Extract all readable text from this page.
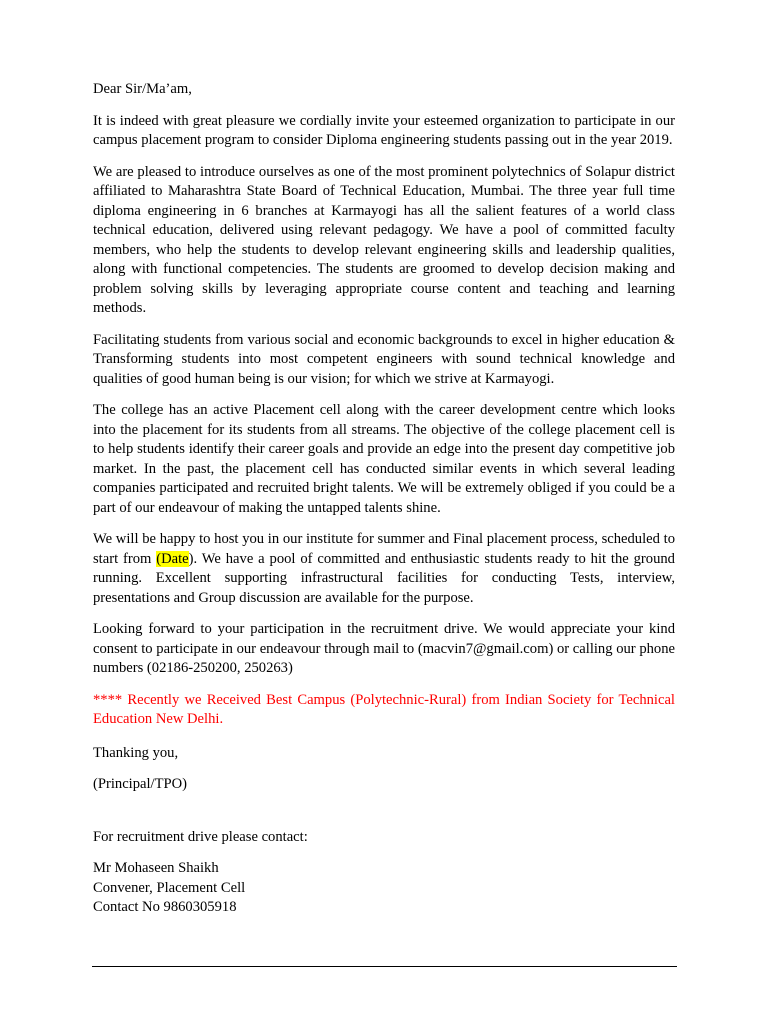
Dear Sir/Ma’am,

It is indeed with great pleasure we cordially invite your esteemed organization to participate in our campus placement program to consider Diploma engineering students passing out in the year 2019.

We are pleased to introduce ourselves as one of the most prominent polytechnics of Solapur district affiliated to Maharashtra State Board of Technical Education, Mumbai. The three year full time diploma engineering in 6 branches at Karmayogi has all the salient features of a world class technical education, delivered using relevant pedagogy. We have a pool of committed faculty members, who help the students to develop relevant engineering skills and leadership qualities, along with functional competencies. The students are groomed to develop decision making and problem solving skills by leveraging appropriate course content and teaching and learning methods.

Facilitating students from various social and economic backgrounds to excel in higher education & Transforming students into most competent engineers with sound technical knowledge and qualities of good human being is our vision; for which we strive at Karmayogi.

The college has an active Placement cell along with the career development centre which looks into the placement for its students from all streams. The objective of the college placement cell is to help students identify their career goals and provide an edge into the present day competitive job market. In the past, the placement cell has conducted similar events in which several leading companies participated and recruited bright talents. We will be extremely obliged if you could be a part of our endeavour of making the untapped talents shine.

We will be happy to host you in our institute for summer and Final placement process, scheduled to start from (Date). We have a pool of committed and enthusiastic students ready to hit the ground running. Excellent supporting infrastructural facilities for conducting Tests, interview, presentations and Group discussion are available for the purpose.

Looking forward to your participation in the recruitment drive. We would appreciate your kind consent to participate in our endeavour through mail to (macvin7@gmail.com) or calling our phone numbers (02186-250200, 250263)

**** Recently we Received Best Campus (Polytechnic-Rural) from Indian Society for Technical Education New Delhi.

Thanking you,

(Principal/TPO)

For recruitment drive please contact:

Mr Mohaseen Shaikh

Convener, Placement Cell

Contact No 9860305918
